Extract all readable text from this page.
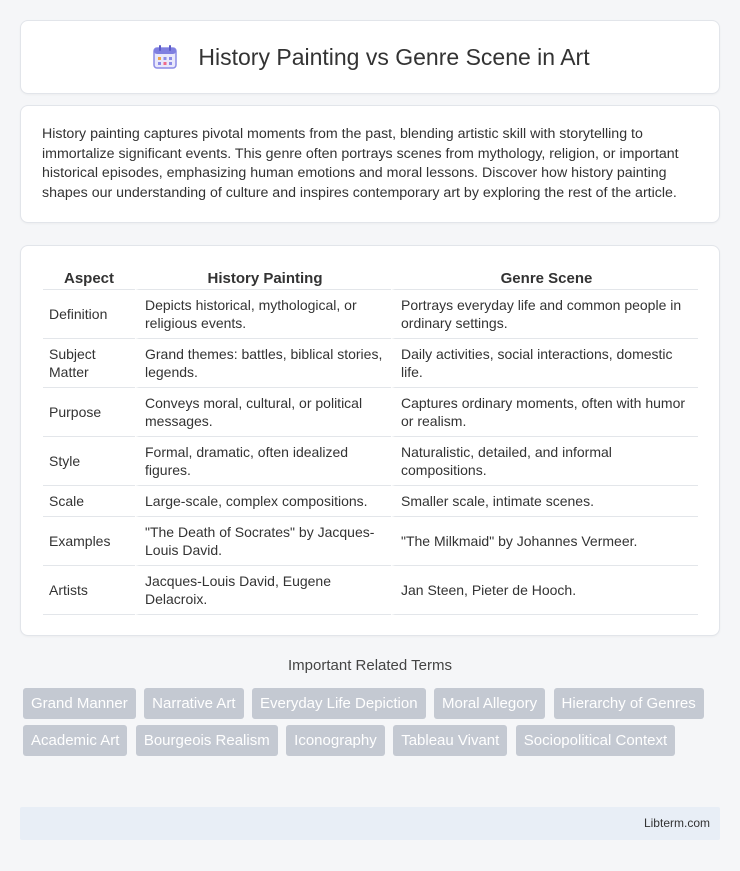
History Painting vs Genre Scene in Art

History painting captures pivotal moments from the past, blending artistic skill with storytelling to immortalize significant events. This genre often portrays scenes from mythology, religion, or important historical episodes, emphasizing human emotions and moral lessons. Discover how history painting shapes our understanding of culture and inspires contemporary art by exploring the rest of the article.

Aspect	History Painting	Genre Scene
Definition	Depicts historical, mythological, or religious events.	Portrays everyday life and common people in ordinary settings.
Subject Matter	Grand themes: battles, biblical stories, legends.	Daily activities, social interactions, domestic life.
Purpose	Conveys moral, cultural, or political messages.	Captures ordinary moments, often with humor or realism.
Style	Formal, dramatic, often idealized figures.	Naturalistic, detailed, and informal compositions.
Scale	Large-scale, complex compositions.	Smaller scale, intimate scenes.
Examples	"The Death of Socrates" by Jacques-Louis David.	"The Milkmaid" by Johannes Vermeer.
Artists	Jacques-Louis David, Eugene Delacroix.	Jan Steen, Pieter de Hooch.
Important Related Terms
Grand Manner Narrative Art Everyday Life Depiction Moral Allegory Hierarchy of Genres Academic Art Bourgeois Realism Iconography Tableau Vivant Sociopolitical Context
Libterm.com
